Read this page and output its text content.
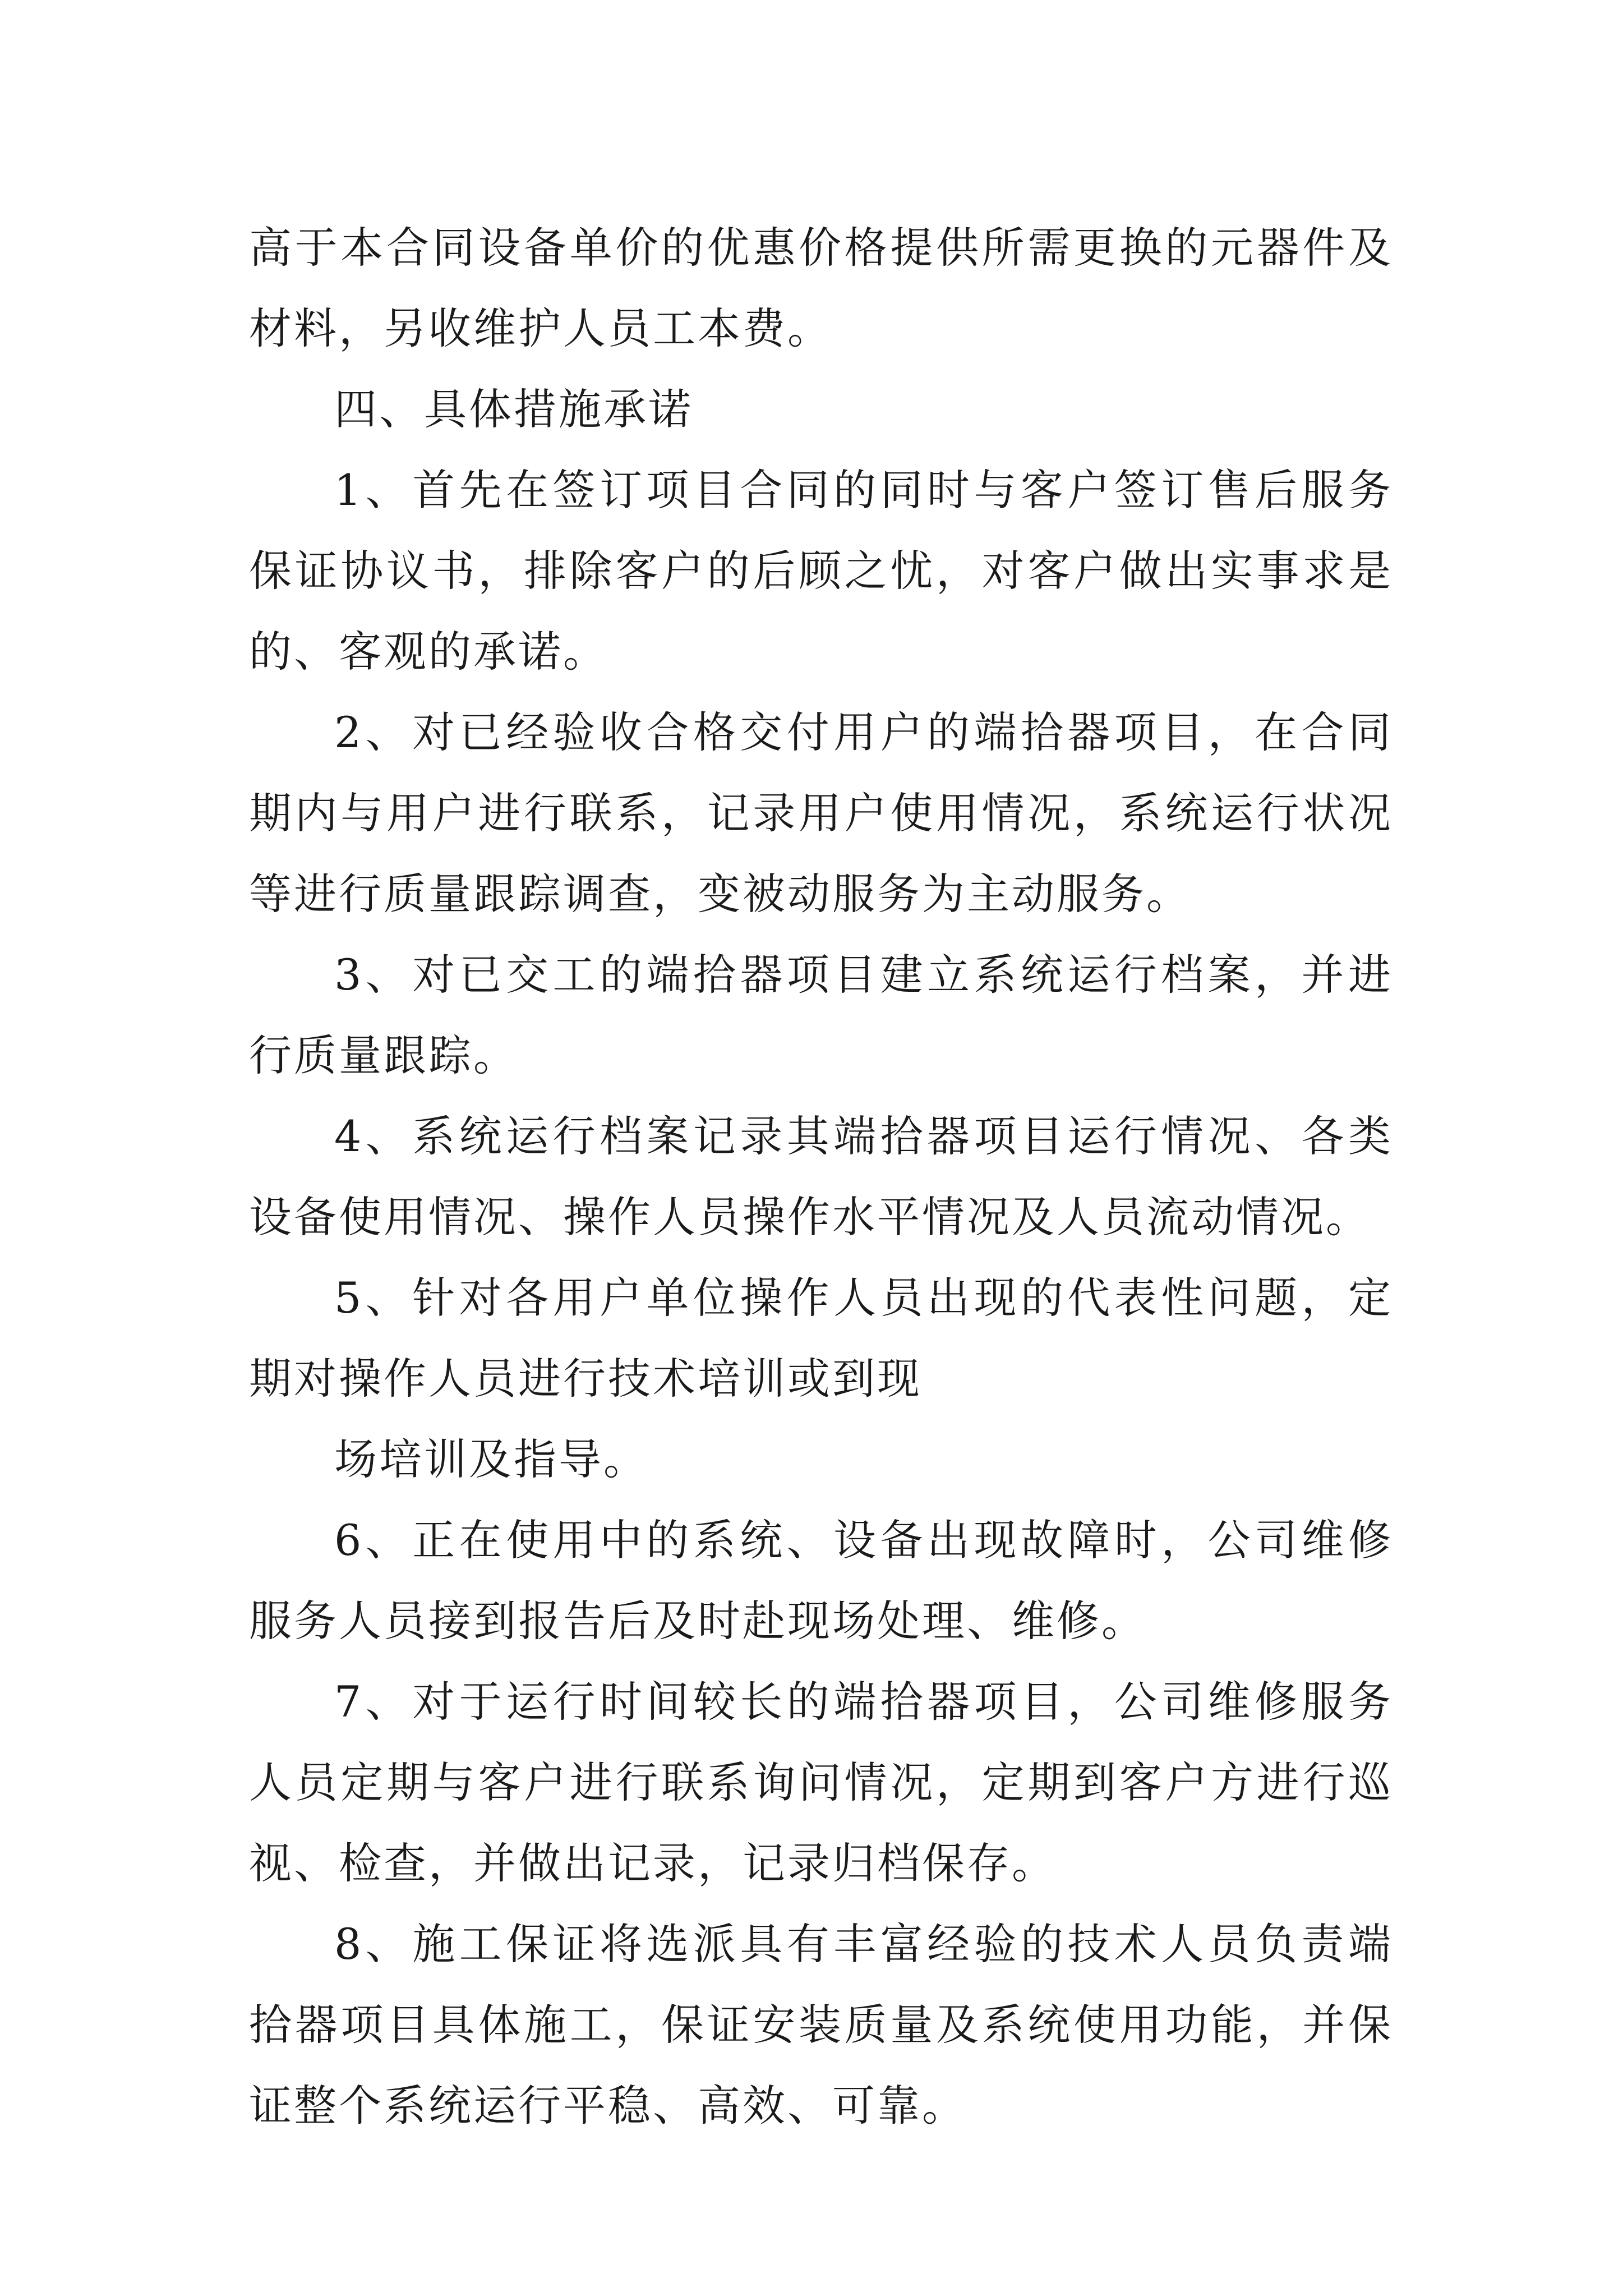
高于本合同设备单价的优惠价格提供所需更换的元器件及材料，另收维护人员工本费。

四、具体措施承诺

1、首先在签订项目合同的同时与客户签订售后服务保证协议书，排除客户的后顾之忧，对客户做出实事求是的、客观的承诺。

2、对已经验收合格交付用户的端拾器项目，在合同期内与用户进行联系，记录用户使用情况，系统运行状况等进行质量跟踪调查，变被动服务为主动服务。

3、对已交工的端拾器项目建立系统运行档案，并进行质量跟踪。

4、系统运行档案记录其端拾器项目运行情况、各类设备使用情况、操作人员操作水平情况及人员流动情况。

5、针对各用户单位操作人员出现的代表性问题，定期对操作人员进行技术培训或到现

场培训及指导。

6、正在使用中的系统、设备出现故障时，公司维修服务人员接到报告后及时赴现场处理、维修。

7、对于运行时间较长的端拾器项目，公司维修服务人员定期与客户进行联系询问情况，定期到客户方进行巡视、检查，并做出记录，记录归档保存。

8、施工保证将选派具有丰富经验的技术人员负责端拾器项目具体施工，保证安装质量及系统使用功能，并保证整个系统运行平稳、高效、可靠。
